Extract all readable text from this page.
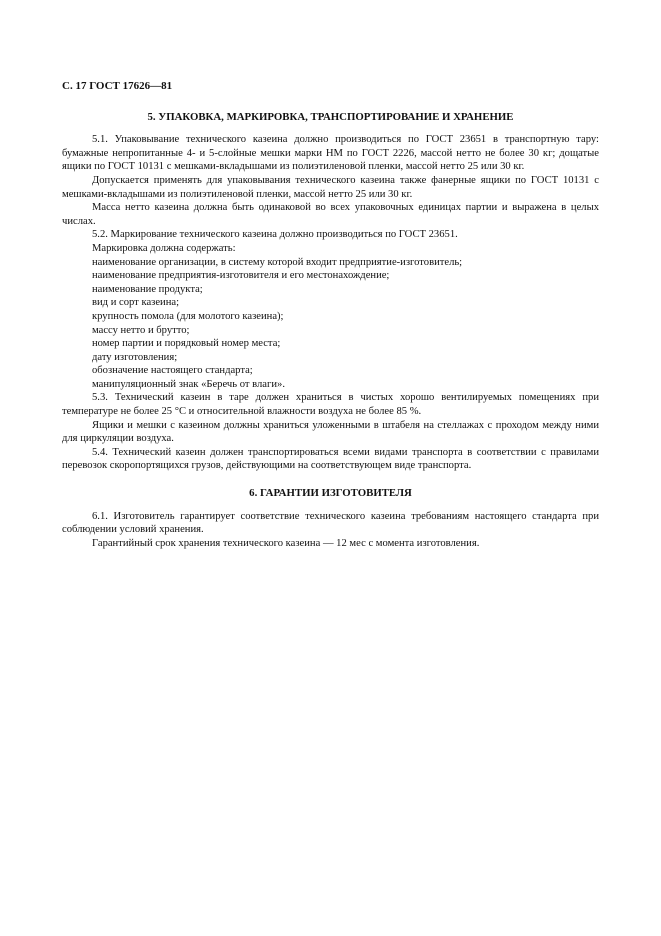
С. 17 ГОСТ 17626—81
5. УПАКОВКА, МАРКИРОВКА, ТРАНСПОРТИРОВАНИЕ И ХРАНЕНИЕ

5.1. Упаковывание технического казеина должно производиться по ГОСТ 23651 в транспортную тару: бумажные непропитанные 4- и 5-слойные мешки марки НМ по ГОСТ 2226, массой нетто не более 30 кг; дощатые ящики по ГОСТ 10131 с мешками-вкладышами из полиэтиленовой пленки, массой нетто 25 или 30 кг.

Допускается применять для упаковывания технического казеина также фанерные ящики по ГОСТ 10131 с мешками-вкладышами из полиэтиленовой пленки, массой нетто 25 или 30 кг.

Масса нетто казеина должна быть одинаковой во всех упаковочных единицах партии и выражена в целых числах.

5.2. Маркирование технического казеина должно производиться по ГОСТ 23651.

Маркировка должна содержать:

наименование организации, в систему которой входит предприятие-изготовитель;

наименование предприятия-изготовителя и его местонахождение;

наименование продукта;

вид и сорт казеина;

крупность помола (для молотого казеина);

массу нетто и брутто;

номер партии и порядковый номер места;

дату изготовления;

обозначение настоящего стандарта;

манипуляционный знак «Беречь от влаги».

5.3. Технический казеин в таре должен храниться в чистых хорошо вентилируемых помещениях при температуре не более 25 °С и относительной влажности воздуха не более 85 %.

Ящики и мешки с казеином должны храниться уложенными в штабеля на стеллажах с проходом между ними для циркуляции воздуха.

5.4. Технический казеин должен транспортироваться всеми видами транспорта в соответствии с правилами перевозок скоропортящихся грузов, действующими на соответствующем виде транспорта.

6. ГАРАНТИИ ИЗГОТОВИТЕЛЯ

6.1. Изготовитель гарантирует соответствие технического казеина требованиям настоящего стандарта при соблюдении условий хранения.

Гарантийный срок хранения технического казеина — 12 мес с момента изготовления.
